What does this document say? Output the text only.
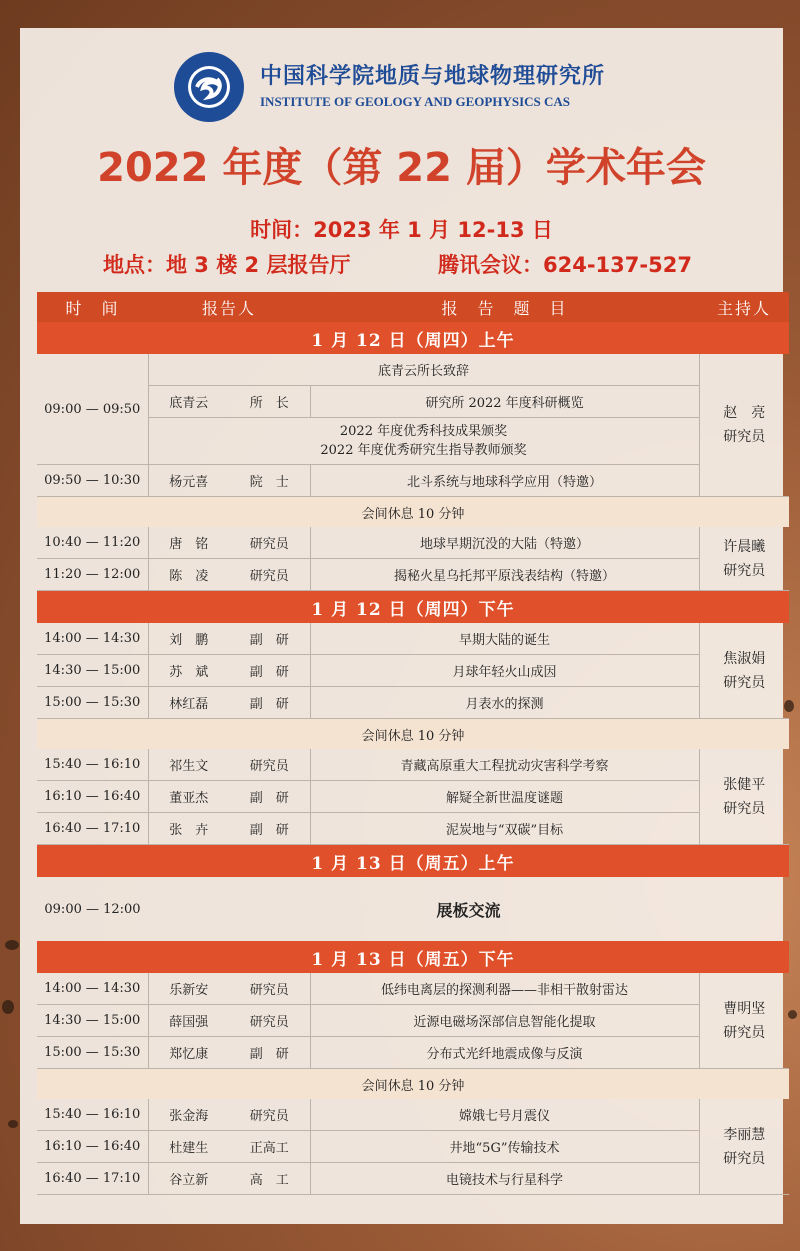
中国科学院地质与地球物理研究所
INSTITUTE OF GEOLOGY AND GEOPHYSICS CAS
2022 年度（第 22 届）学术年会
时间：2023 年 1 月 12-13 日
地点：地 3 楼 2 层报告厅	腾讯会议：624-137-527
时　间	报告人		报　告　题　目	主持人
1 月 12 日（周四）上午				
09:00 — 09:50	底青云所长致辞			赵　亮
研究员

	底青云	所　长	研究所 2022 年度科研概览	

	2022 年度优秀科技成果颁奖
2022 年度优秀研究生指导教师颁奖			

09:50 — 10:30	杨元喜	院　士	北斗系统与地球科学应用（特邀）	
会间休息 10 分钟				
10:40 — 11:20	唐　铭	研究员	地球早期沉没的大陆（特邀）	许晨曦
研究员

11:20 — 12:00	陈　凌	研究员	揭秘火星乌托邦平原浅表结构（特邀）	
1 月 12 日（周四）下午				
14:00 — 14:30	刘　鹏	副　研	早期大陆的诞生	焦淑娟
研究员

14:30 — 15:00	苏　斌	副　研	月球年轻火山成因	
15:00 — 15:30	林红磊	副　研	月表水的探测	
会间休息 10 分钟				
15:40 — 16:10	祁生文	研究员	青藏高原重大工程扰动灾害科学考察	张健平
研究员

16:10 — 16:40	董亚杰	副　研	解疑全新世温度谜题	
16:40 — 17:10	张　卉	副　研	泥炭地与“双碳”目标	
1 月 13 日（周五）上午				
09:00 — 12:00	展板交流			
1 月 13 日（周五）下午				
14:00 — 14:30	乐新安	研究员	低纬电离层的探测利器——非相干散射雷达	曹明坚
研究员

14:30 — 15:00	薛国强	研究员	近源电磁场深部信息智能化提取	
15:00 — 15:30	郑忆康	副　研	分布式光纤地震成像与反演	
会间休息 10 分钟				
15:40 — 16:10	张金海	研究员	嫦娥七号月震仪	李丽慧
研究员

16:10 — 16:40	杜建生	正高工	井地“5G”传输技术	
16:40 — 17:10	谷立新	高　工	电镜技术与行星科学	
